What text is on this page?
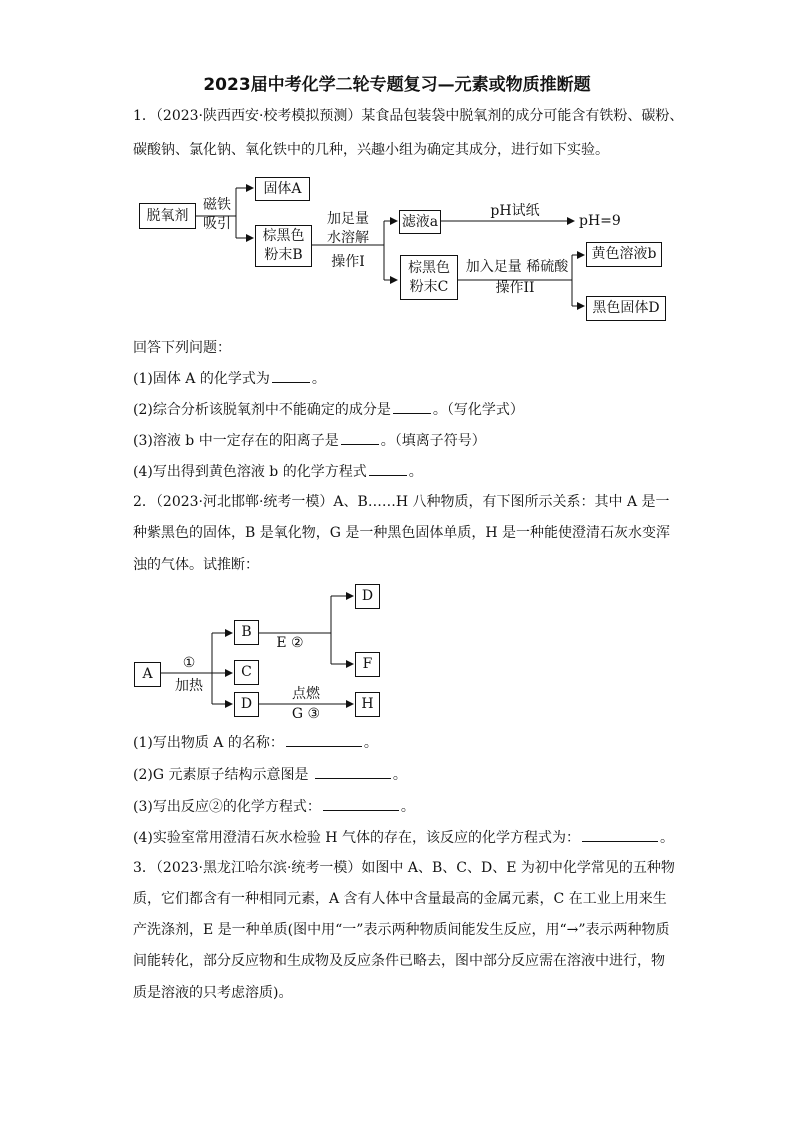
2023届中考化学二轮专题复习—元素或物质推断题
1．（2023·陕西西安·校考模拟预测）某食品包装袋中脱氧剂的成分可能含有铁粉、碳粉、
碳酸钠、氯化钠、氧化铁中的几种，兴趣小组为确定其成分，进行如下实验。
脱氧剂
磁铁
吸引
固体A
棕黑色
粉末B
加足量
水溶解
操作I
滤液a
pH试纸
pH=9
棕黑色
粉末C
加入足量 稀硫酸
操作II
黄色溶液b
黑色固体D
回答下列问题：
(1)固体 A 的化学式为	。
(2)综合分析该脱氧剂中不能确定的成分是	。（写化学式）
(3)溶液 b 中一定存在的阳离子是	。（填离子符号）
(4)写出得到黄色溶液 b 的化学方程式	。
2．（2023·河北邯郸·统考一模）A、B……H 八种物质，有下图所示关系：其中 A 是一
种紫黑色的固体，B 是氧化物，G 是一种黑色固体单质，H 是一种能使澄清石灰水变浑
浊的气体。试推断：
A
B
C
D
D
F
H
①
加热
E ②
点燃
G ③
(1)写出物质 A 的名称：	。
(2)G 元素原子结构示意图是	。
(3)写出反应②的化学方程式：	。
(4)实验室常用澄清石灰水检验 H 气体的存在，该反应的化学方程式为：	。
3．（2023·黑龙江哈尔滨·统考一模）如图中 A、B、C、D、E 为初中化学常见的五种物
质，它们都含有一种相同元素，A 含有人体中含量最高的金属元素，C 在工业上用来生
产洗涤剂，E 是一种单质(图中用“一”表示两种物质间能发生反应，用“→”表示两种物质
间能转化，部分反应物和生成物及反应条件已略去，图中部分反应需在溶液中进行，物
质是溶液的只考虑溶质)。
